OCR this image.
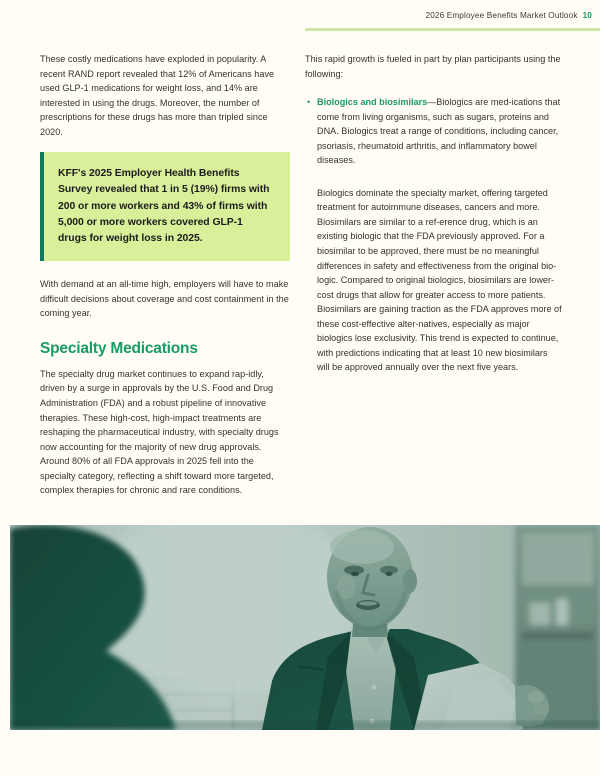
2026 Employee Benefits Market Outlook 10

These costly medications have exploded in popularity. A recent RAND report revealed that 12% of Americans have used GLP-1 medications for weight loss, and 14% are interested in using the drugs. Moreover, the number of prescriptions for these drugs has more than tripled since 2020.

KFF's 2025 Employer Health Benefits Survey revealed that 1 in 5 (19%) firms with 200 or more workers and 43% of firms with 5,000 or more workers covered GLP-1 drugs for weight loss in 2025.

With demand at an all-time high, employers will have to make difficult decisions about coverage and cost containment in the coming year.

Specialty Medications

The specialty drug market continues to expand rap-idly, driven by a surge in approvals by the U.S. Food and Drug Administration (FDA) and a robust pipeline of innovative therapies. These high-cost, high-impact treatments are reshaping the pharmaceutical industry, with specialty drugs now accounting for the majority of new drug approvals. Around 80% of all FDA approvals in 2025 fell into the specialty category, reflecting a shift toward more targeted, complex therapies for chronic and rare conditions.

This rapid growth is fueled in part by plan participants using the following:

• Biologics and biosimilars—Biologics are med-ications that come from living organisms, such as sugars, proteins and DNA. Biologics treat a range of conditions, including cancer, psoriasis, rheumatoid arthritis, and inflammatory bowel diseases.

Biologics dominate the specialty market, offering targeted treatment for autoimmune diseases, cancers and more. Biosimilars are similar to a ref-erence drug, which is an existing biologic that the FDA previously approved. For a biosimilar to be approved, there must be no meaningful differences in safety and effectiveness from the original bio-logic. Compared to original biologics, biosimilars are lower-cost drugs that allow for greater access to more patients. Biosimilars are gaining traction as the FDA approves more of these cost-effective alter-natives, especially as major biologics lose exclusivity. This trend is expected to continue, with predictions indicating that at least 10 new biosimilars will be approved annually over the next five years.
